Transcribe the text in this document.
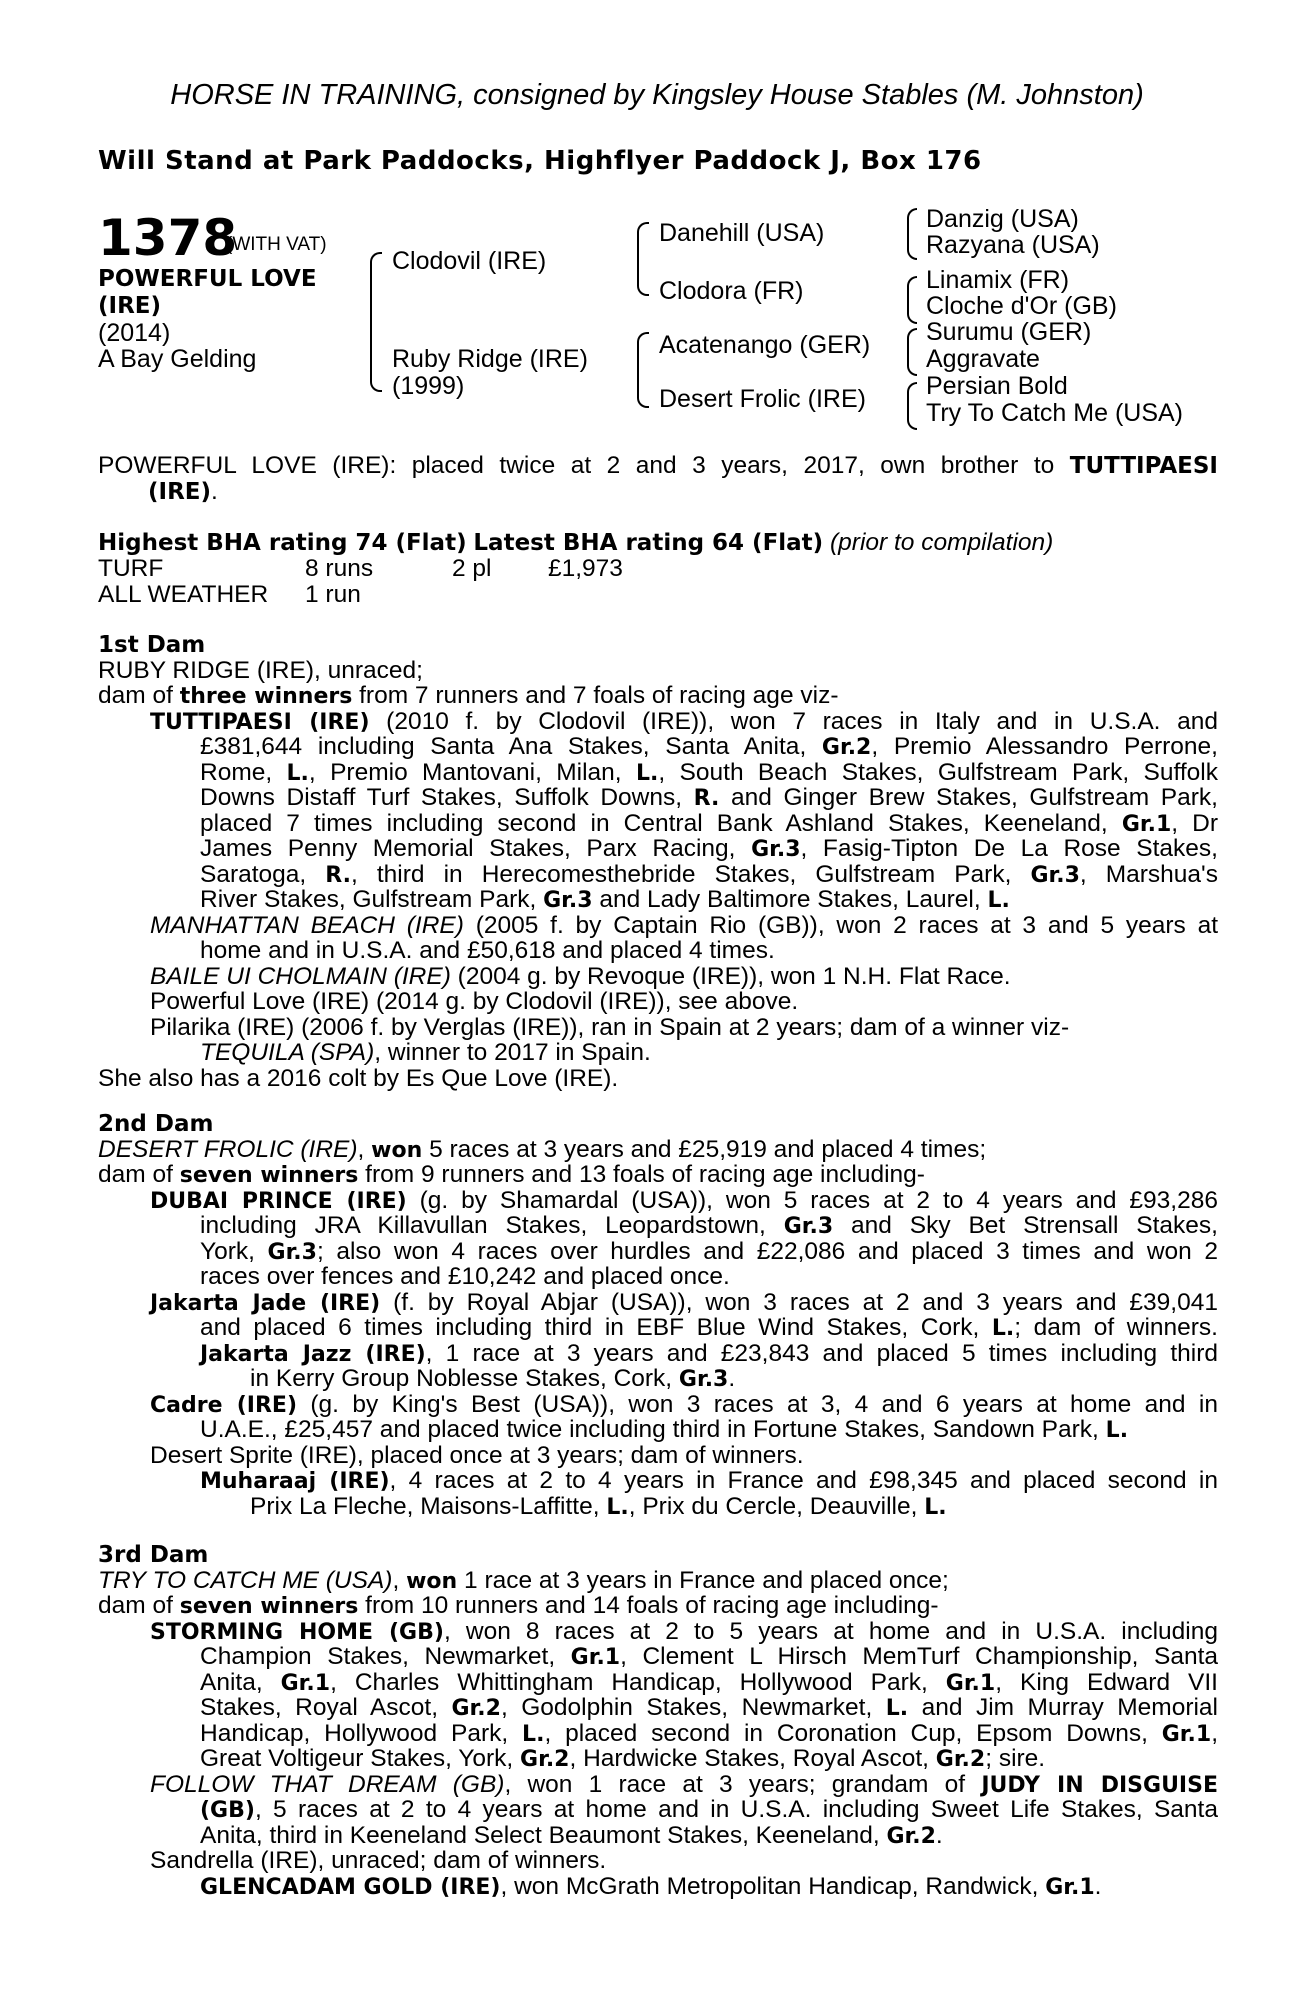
HORSE IN TRAINING, consigned by Kingsley House Stables (M. Johnston)
Will Stand at Park Paddocks, Highflyer Paddock J, Box 176
1378
(WITH VAT)
POWERFUL LOVE
(IRE)
(2014)
A Bay Gelding
Clodovil (IRE)
Ruby Ridge (IRE)
(1999)
Danehill (USA)
Clodora (FR)
Acatenango (GER)
Desert Frolic (IRE)
Danzig (USA)
Razyana (USA)
Linamix (FR)
Cloche d'Or (GB)
Surumu (GER)
Aggravate
Persian Bold
Try To Catch Me (USA)
POWERFUL LOVE (IRE): placed twice at 2 and 3 years, 2017, own brother to TUTTIPAESI
(IRE).
Highest BHA rating 74 (Flat) Latest BHA rating 64 (Flat) (prior to compilation)
TURF	8 runs	2 pl £1,973
ALL WEATHER 1 run
1st Dam
RUBY RIDGE (IRE), unraced;
dam of three winners from 7 runners and 7 foals of racing age viz-
TUTTIPAESI (IRE) (2010 f. by Clodovil (IRE)), won 7 races in Italy and in U.S.A. and
£381,644 including Santa Ana Stakes, Santa Anita, Gr.2, Premio Alessandro Perrone,
Rome, L., Premio Mantovani, Milan, L., South Beach Stakes, Gulfstream Park, Suffolk
Downs Distaff Turf Stakes, Suffolk Downs, R. and Ginger Brew Stakes, Gulfstream Park,
placed 7 times including second in Central Bank Ashland Stakes, Keeneland, Gr.1, Dr
James Penny Memorial Stakes, Parx Racing, Gr.3, Fasig-Tipton De La Rose Stakes,
Saratoga, R., third in Herecomesthebride Stakes, Gulfstream Park, Gr.3, Marshua's
River Stakes, Gulfstream Park, Gr.3 and Lady Baltimore Stakes, Laurel, L.
MANHATTAN BEACH (IRE) (2005 f. by Captain Rio (GB)), won 2 races at 3 and 5 years at
home and in U.S.A. and £50,618 and placed 4 times.
BAILE UI CHOLMAIN (IRE) (2004 g. by Revoque (IRE)), won 1 N.H. Flat Race.
Powerful Love (IRE) (2014 g. by Clodovil (IRE)), see above.
Pilarika (IRE) (2006 f. by Verglas (IRE)), ran in Spain at 2 years; dam of a winner viz-
TEQUILA (SPA), winner to 2017 in Spain.
She also has a 2016 colt by Es Que Love (IRE).
2nd Dam
DESERT FROLIC (IRE), won 5 races at 3 years and £25,919 and placed 4 times;
dam of seven winners from 9 runners and 13 foals of racing age including-
DUBAI PRINCE (IRE) (g. by Shamardal (USA)), won 5 races at 2 to 4 years and £93,286
including JRA Killavullan Stakes, Leopardstown, Gr.3 and Sky Bet Strensall Stakes,
York, Gr.3; also won 4 races over hurdles and £22,086 and placed 3 times and won 2
races over fences and £10,242 and placed once.
Jakarta Jade (IRE) (f. by Royal Abjar (USA)), won 3 races at 2 and 3 years and £39,041
and placed 6 times including third in EBF Blue Wind Stakes, Cork, L.; dam of winners.
Jakarta Jazz (IRE), 1 race at 3 years and £23,843 and placed 5 times including third
in Kerry Group Noblesse Stakes, Cork, Gr.3.
Cadre (IRE) (g. by King's Best (USA)), won 3 races at 3, 4 and 6 years at home and in
U.A.E., £25,457 and placed twice including third in Fortune Stakes, Sandown Park, L.
Desert Sprite (IRE), placed once at 3 years; dam of winners.
Muharaaj (IRE), 4 races at 2 to 4 years in France and £98,345 and placed second in
Prix La Fleche, Maisons-Laffitte, L., Prix du Cercle, Deauville, L.
3rd Dam
TRY TO CATCH ME (USA), won 1 race at 3 years in France and placed once;
dam of seven winners from 10 runners and 14 foals of racing age including-
STORMING HOME (GB), won 8 races at 2 to 5 years at home and in U.S.A. including
Champion Stakes, Newmarket, Gr.1, Clement L Hirsch MemTurf Championship, Santa
Anita, Gr.1, Charles Whittingham Handicap, Hollywood Park, Gr.1, King Edward VII
Stakes, Royal Ascot, Gr.2, Godolphin Stakes, Newmarket, L. and Jim Murray Memorial
Handicap, Hollywood Park, L., placed second in Coronation Cup, Epsom Downs, Gr.1,
Great Voltigeur Stakes, York, Gr.2, Hardwicke Stakes, Royal Ascot, Gr.2; sire.
FOLLOW THAT DREAM (GB), won 1 race at 3 years; grandam of JUDY IN DISGUISE
(GB), 5 races at 2 to 4 years at home and in U.S.A. including Sweet Life Stakes, Santa
Anita, third in Keeneland Select Beaumont Stakes, Keeneland, Gr.2.
Sandrella (IRE), unraced; dam of winners.
GLENCADAM GOLD (IRE), won McGrath Metropolitan Handicap, Randwick, Gr.1.
